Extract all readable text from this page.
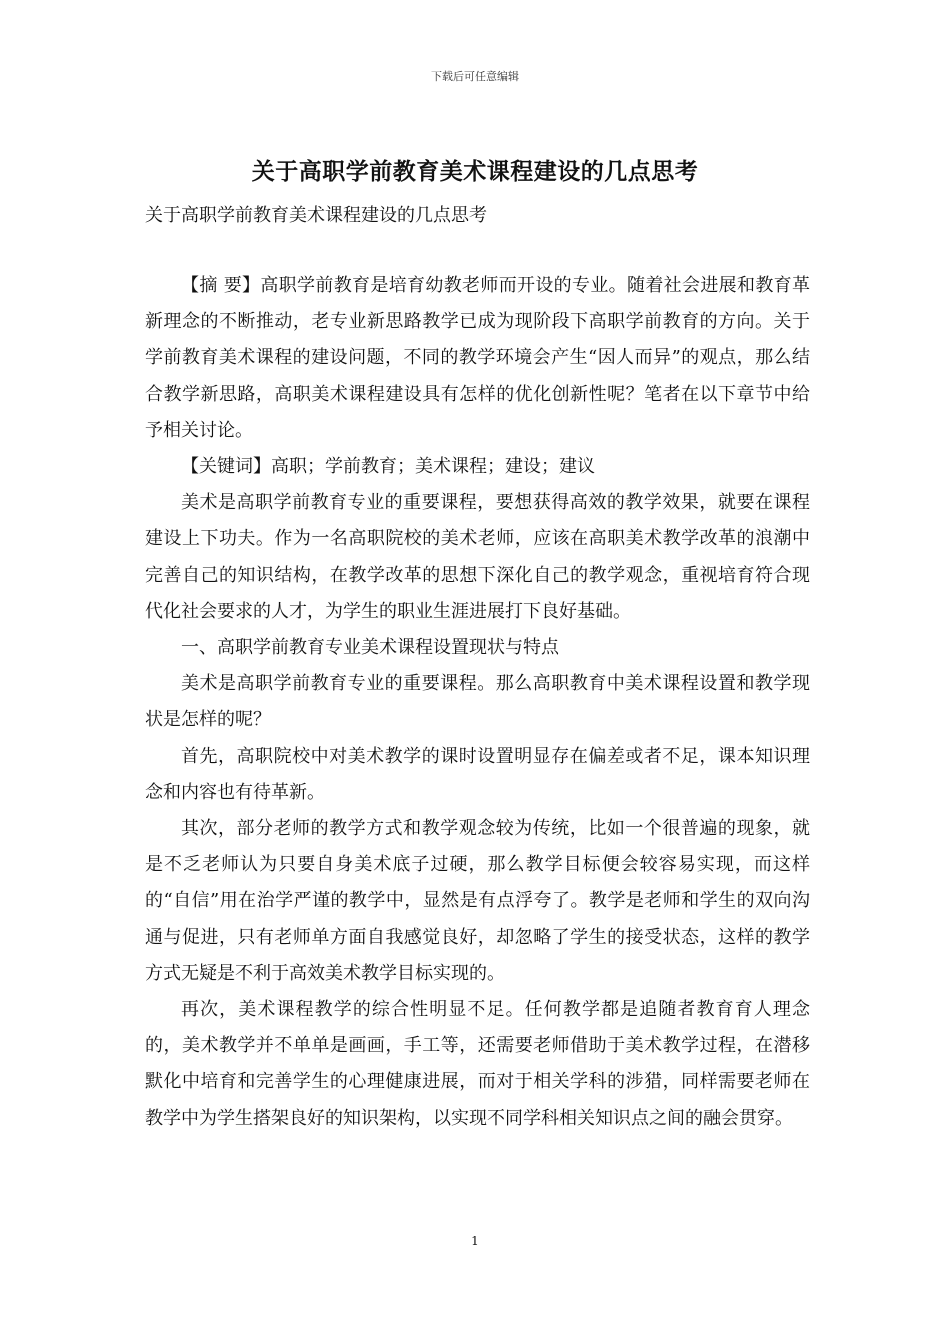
下载后可任意编辑
关于高职学前教育美术课程建设的几点思考
关于高职学前教育美术课程建设的几点思考

【摘 要】高职学前教育是培育幼教老师而开设的专业。随着社会进展和教育革新理念的不断推动，老专业新思路教学已成为现阶段下高职学前教育的方向。关于学前教育美术课程的建设问题，不同的教学环境会产生“因人而异”的观点，那么结合教学新思路，高职美术课程建设具有怎样的优化创新性呢？笔者在以下章节中给予相关讨论。

【关键词】高职；学前教育；美术课程；建设；建议

美术是高职学前教育专业的重要课程，要想获得高效的教学效果，就要在课程建设上下功夫。作为一名高职院校的美术老师，应该在高职美术教学改革的浪潮中完善自己的知识结构，在教学改革的思想下深化自己的教学观念，重视培育符合现代化社会要求的人才，为学生的职业生涯进展打下良好基础。

一、高职学前教育专业美术课程设置现状与特点

美术是高职学前教育专业的重要课程。那么高职教育中美术课程设置和教学现状是怎样的呢？

首先，高职院校中对美术教学的课时设置明显存在偏差或者不足，课本知识理念和内容也有待革新。

其次，部分老师的教学方式和教学观念较为传统，比如一个很普遍的现象，就是不乏老师认为只要自身美术底子过硬，那么教学目标便会较容易实现，而这样的“自信”用在治学严谨的教学中，显然是有点浮夸了。教学是老师和学生的双向沟通与促进，只有老师单方面自我感觉良好，却忽略了学生的接受状态，这样的教学方式无疑是不利于高效美术教学目标实现的。

再次，美术课程教学的综合性明显不足。任何教学都是追随者教育育人理念的，美术教学并不单单是画画，手工等，还需要老师借助于美术教学过程，在潜移默化中培育和完善学生的心理健康进展，而对于相关学科的涉猎，同样需要老师在教学中为学生搭架良好的知识架构，以实现不同学科相关知识点之间的融会贯穿。

1
